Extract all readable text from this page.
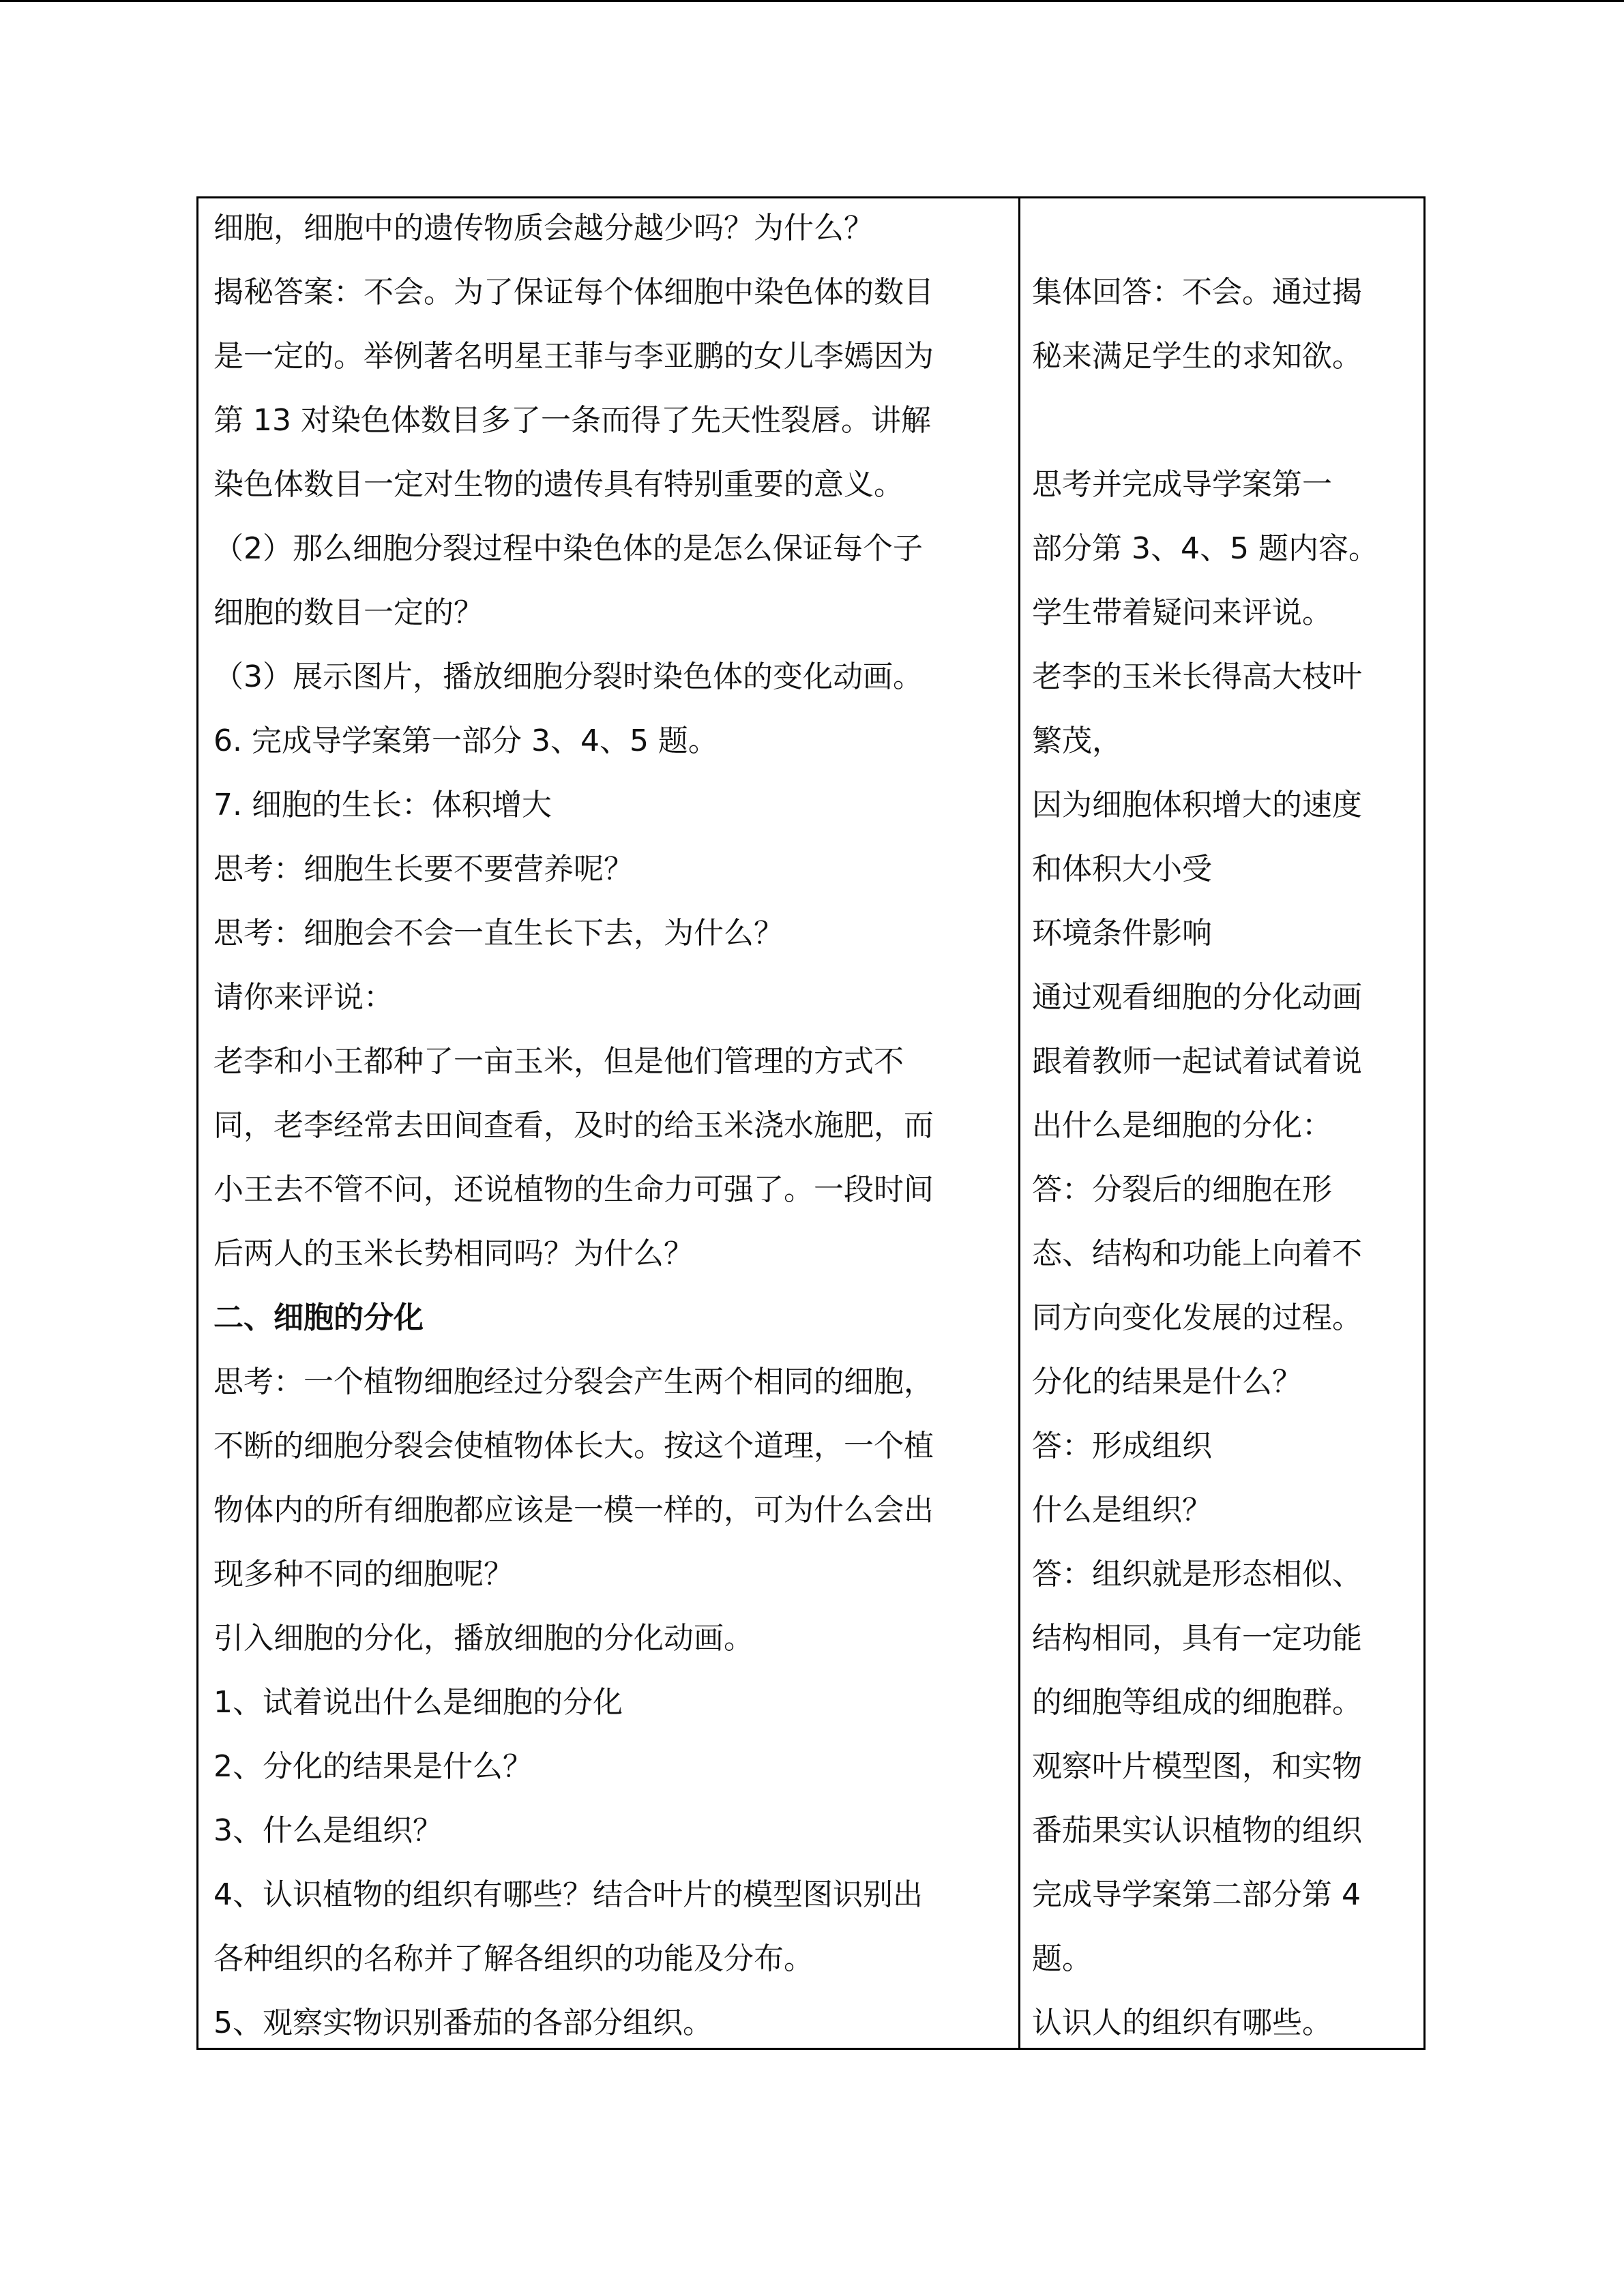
细胞，细胞中的遗传物质会越分越少吗？为什么？
揭秘答案：不会。为了保证每个体细胞中染色体的数目
是一定的。举例著名明星王菲与李亚鹏的女儿李嫣因为
第 13 对染色体数目多了一条而得了先天性裂唇。讲解
染色体数目一定对生物的遗传具有特别重要的意义。
（2）那么细胞分裂过程中染色体的是怎么保证每个子
细胞的数目一定的？
（3）展示图片，播放细胞分裂时染色体的变化动画。
6. 完成导学案第一部分 3、4、5 题。
7. 细胞的生长：体积增大
思考：细胞生长要不要营养呢？
思考：细胞会不会一直生长下去，为什么？
请你来评说：
老李和小王都种了一亩玉米，但是他们管理的方式不
同，老李经常去田间查看，及时的给玉米浇水施肥，而
小王去不管不问，还说植物的生命力可强了。一段时间
后两人的玉米长势相同吗？为什么？
二、细胞的分化
思考：一个植物细胞经过分裂会产生两个相同的细胞，
不断的细胞分裂会使植物体长大。按这个道理，一个植
物体内的所有细胞都应该是一模一样的，可为什么会出
现多种不同的细胞呢？
引入细胞的分化，播放细胞的分化动画。
1、试着说出什么是细胞的分化
2、分化的结果是什么？
3、什么是组织？
4、认识植物的组织有哪些？结合叶片的模型图识别出
各种组织的名称并了解各组织的功能及分布。
5、观察实物识别番茄的各部分组织。
集体回答：不会。通过揭
秘来满足学生的求知欲。
思考并完成导学案第一
部分第 3、4、5 题内容。
学生带着疑问来评说。
老李的玉米长得高大枝叶
繁茂，
因为细胞体积增大的速度
和体积大小受
环境条件影响
通过观看细胞的分化动画
跟着教师一起试着试着说
出什么是细胞的分化：
答：分裂后的细胞在形
态、结构和功能上向着不
同方向变化发展的过程。
分化的结果是什么？
答：形成组织
什么是组织？
答：组织就是形态相似、
结构相同，具有一定功能
的细胞等组成的细胞群。
观察叶片模型图，和实物
番茄果实认识植物的组织
完成导学案第二部分第 4
题。
认识人的组织有哪些。
